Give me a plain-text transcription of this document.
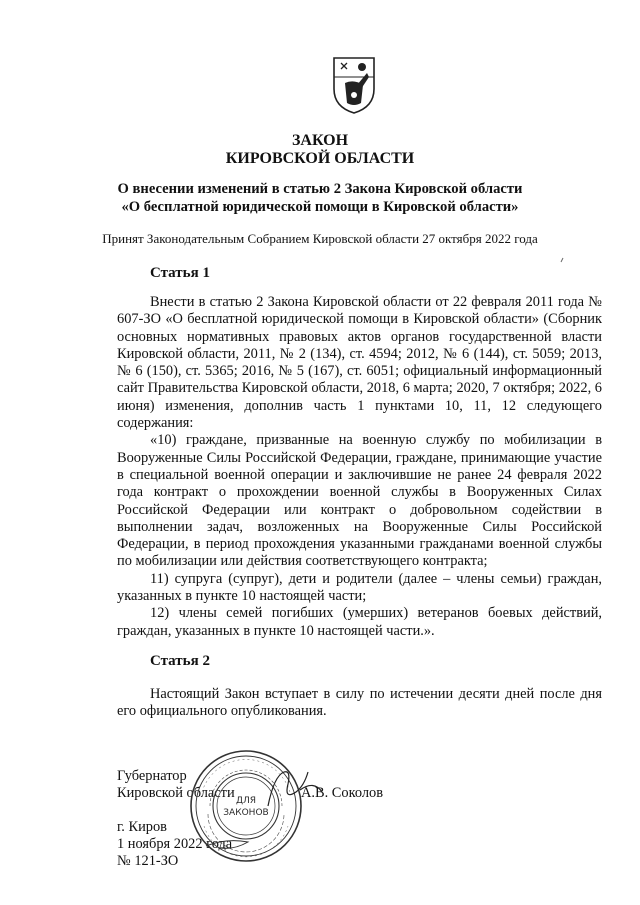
ЗАКОН
КИРОВСКОЙ ОБЛАСТИ
О внесении изменений в статью 2 Закона Кировской области
«О бесплатной юридической помощи в Кировской области»
Принят Законодательным Собранием Кировской области 27 октября 2022 года
Статья 1

Внести в статью 2 Закона Кировской области от 22 февраля 2011 года № 607-ЗО «О бесплатной юридической помощи в Кировской области» (Сборник основных нормативных правовых актов органов государственной власти Кировской области, 2011, № 2 (134), ст. 4594; 2012, № 6 (144), ст. 5059; 2013, № 6 (150), ст. 5365; 2016, № 5 (167), ст. 6051; официальный информационный сайт Правительства Кировской области, 2018, 6 марта; 2020, 7 октября; 2022, 6 июня) изменения, дополнив часть 1 пунктами 10, 11, 12 следующего содержания:

«10) граждане, призванные на военную службу по мобилизации в Вооруженные Силы Российской Федерации, граждане, принимающие участие в специальной военной операции и заключившие не ранее 24 февраля 2022 года контракт о прохождении военной службы в Вооруженных Силах Российской Федерации или контракт о добровольном содействии в выполнении задач, возложенных на Вооруженные Силы Российской Федерации, в период прохождения указанными гражданами военной службы по мобилизации или действия соответствующего контракта;

11) супруга (супруг), дети и родители (далее – члены семьи) граждан, указанных в пункте 10 настоящей части;

12) члены семей погибших (умерших) ветеранов боевых действий, граждан, указанных в пункте 10 настоящей части.».

Статья 2

Настоящий Закон вступает в силу по истечении десяти дней после дня его официального опубликования.

Губернатор
Кировской области	А.В. Соколов
г. Киров
1 ноября 2022 года
№ 121-ЗО
ДЛЯ
ЗАКОНОВ
